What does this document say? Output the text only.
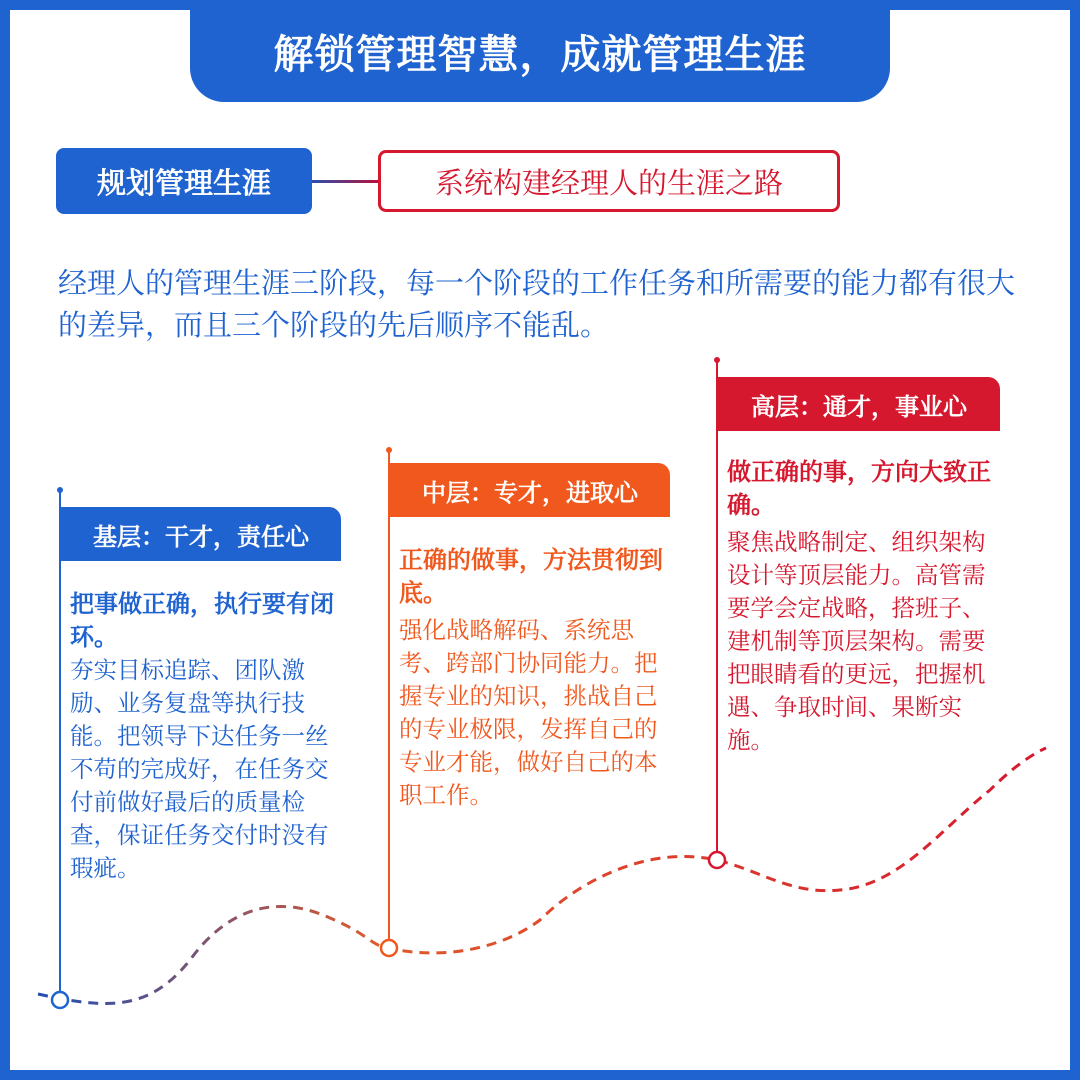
解锁管理智慧，成就管理生涯
规划管理生涯	系统构建经理人的生涯之路
经理人的管理生涯三阶段，每一个阶段的工作任务和所需要的能力都有很大的差异，而且三个阶段的先后顺序不能乱。
基层：干才，责任心
把事做正确，执行要有闭环。
夯实目标追踪、团队激励、业务复盘等执行技能。把领导下达任务一丝不苟的完成好，在任务交付前做好最后的质量检查，保证任务交付时没有瑕疵。
中层：专才，进取心
正确的做事，方法贯彻到底。
强化战略解码、系统思考、跨部门协同能力。把握专业的知识，挑战自己的专业极限，发挥自己的专业才能，做好自己的本职工作。
高层：通才，事业心
做正确的事，方向大致正确。
聚焦战略制定、组织架构设计等顶层能力。高管需要学会定战略，搭班子、建机制等顶层架构。需要把眼睛看的更远，把握机遇、争取时间、果断实施。
